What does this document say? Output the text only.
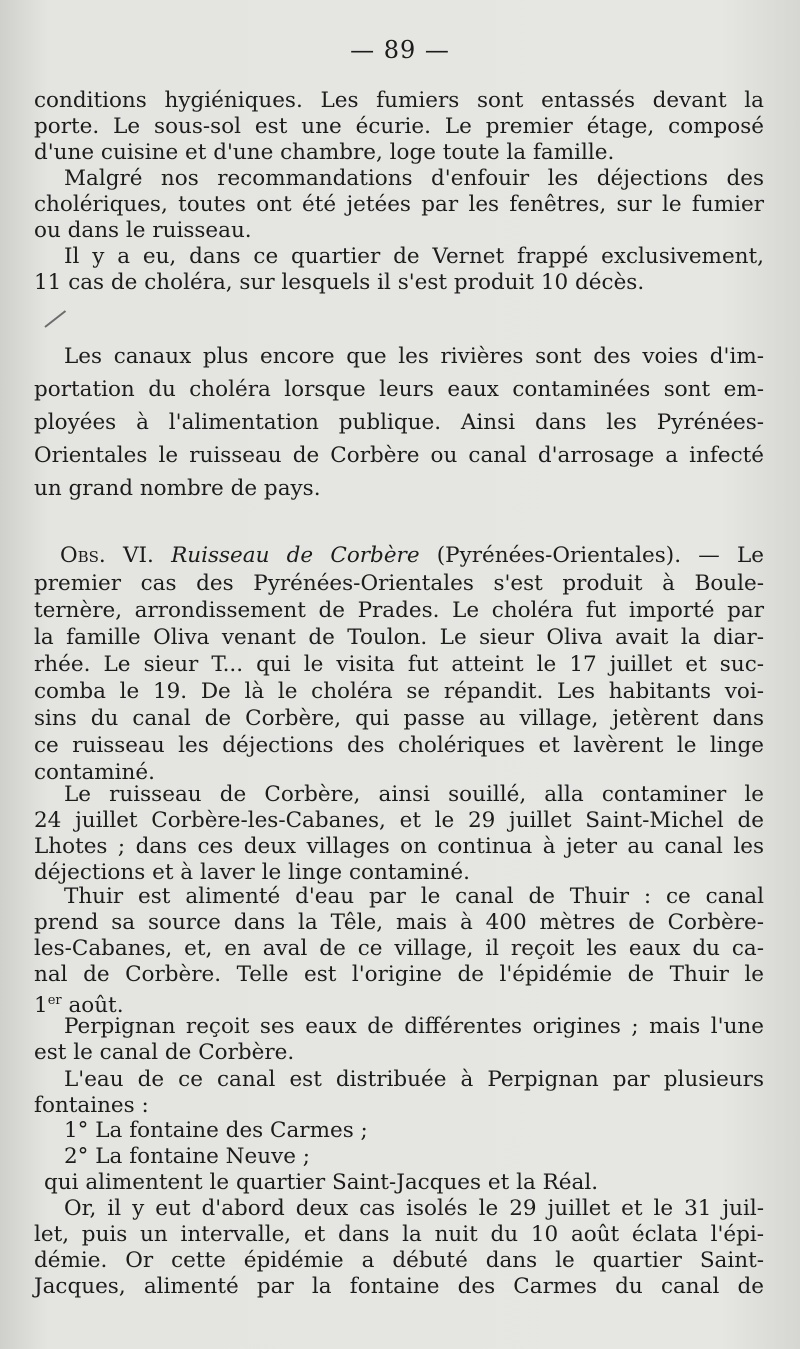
— 89 —
conditions hygiéniques. Les fumiers sont entassés devant la
porte. Le sous-sol est une écurie. Le premier étage, composé
d'une cuisine et d'une chambre, loge toute la famille.
Malgré nos recommandations d'enfouir les déjections des
cholériques, toutes ont été jetées par les fenêtres, sur le fumier
ou dans le ruisseau.
Il y a eu, dans ce quartier de Vernet frappé exclusivement,
11 cas de choléra, sur lesquels il s'est produit 10 décès.
Les canaux plus encore que les rivières sont des voies d'im-
portation du choléra lorsque leurs eaux contaminées sont em-
ployées à l'alimentation publique. Ainsi dans les Pyrénées-
Orientales le ruisseau de Corbère ou canal d'arrosage a infecté
un grand nombre de pays.
Obs. VI. Ruisseau de Corbère (Pyrénées-Orientales). — Le
premier cas des Pyrénées-Orientales s'est produit à Boule-
ternère, arrondissement de Prades. Le choléra fut importé par
la famille Oliva venant de Toulon. Le sieur Oliva avait la diar-
rhée. Le sieur T... qui le visita fut atteint le 17 juillet et suc-
comba le 19. De là le choléra se répandit. Les habitants voi-
sins du canal de Corbère, qui passe au village, jetèrent dans
ce ruisseau les déjections des cholériques et lavèrent le linge
contaminé.
Le ruisseau de Corbère, ainsi souillé, alla contaminer le
24 juillet Corbère-les-Cabanes, et le 29 juillet Saint-Michel de
Lhotes ; dans ces deux villages on continua à jeter au canal les
déjections et à laver le linge contaminé.
Thuir est alimenté d'eau par le canal de Thuir : ce canal
prend sa source dans la Têle, mais à 400 mètres de Corbère-
les-Cabanes, et, en aval de ce village, il reçoit les eaux du ca-
nal de Corbère. Telle est l'origine de l'épidémie de Thuir le
1er août.
Perpignan reçoit ses eaux de différentes origines ; mais l'une
est le canal de Corbère.
L'eau de ce canal est distribuée à Perpignan par plusieurs
fontaines :
1° La fontaine des Carmes ;
2° La fontaine Neuve ;
qui alimentent le quartier Saint-Jacques et la Réal.
Or, il y eut d'abord deux cas isolés le 29 juillet et le 31 juil-
let, puis un intervalle, et dans la nuit du 10 août éclata l'épi-
démie. Or cette épidémie a débuté dans le quartier Saint-
Jacques, alimenté par la fontaine des Carmes du canal de
